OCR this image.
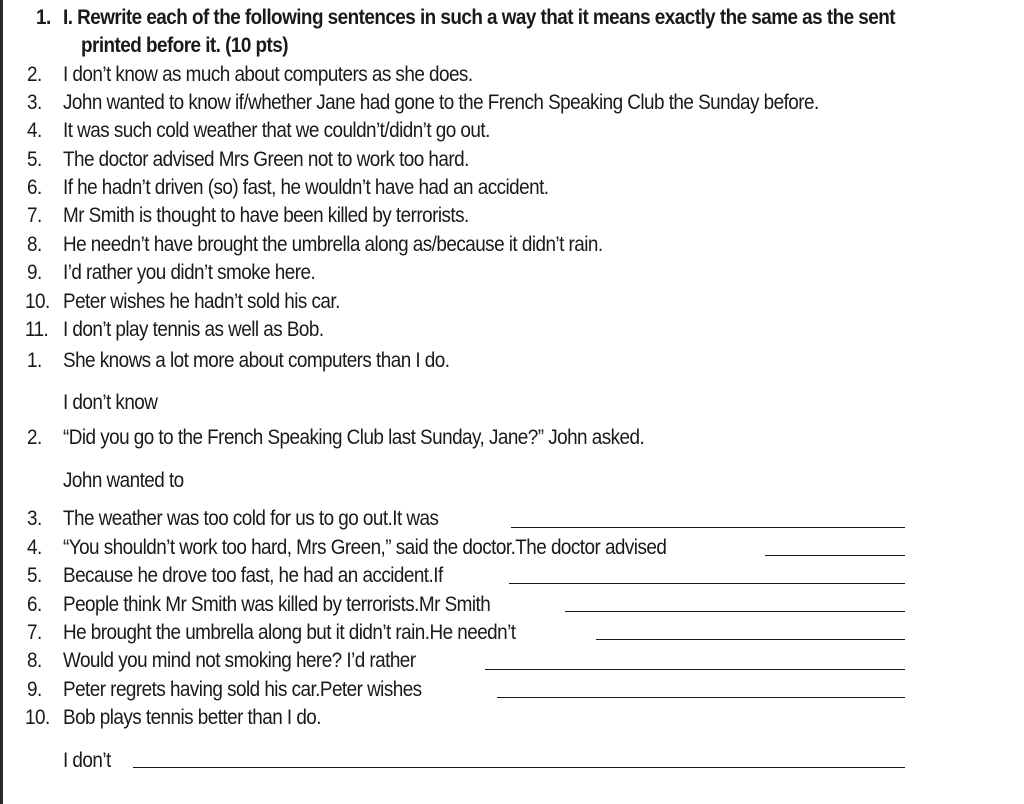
1. I. Rewrite each of the following sentences in such a way that it means exactly the same as the sent
printed before it. (10 pts)
2. I don’t know as much about computers as she does.
3. John wanted to know if/whether Jane had gone to the French Speaking Club the Sunday before.
4. It was such cold weather that we couldn’t/didn’t go out.
5. The doctor advised Mrs Green not to work too hard.
6. If he hadn’t driven (so) fast, he wouldn’t have had an accident.
7. Mr Smith is thought to have been killed by terrorists.
8. He needn’t have brought the umbrella along as/because it didn’t rain.
9. I’d rather you didn’t smoke here.
10. Peter wishes he hadn’t sold his car.
11. I don’t play tennis as well as Bob.
1. She knows a lot more about computers than I do.
I don’t know
2. “Did you go to the French Speaking Club last Sunday, Jane?” John asked.
John wanted to
3. The weather was too cold for us to go out.It was
4. “You shouldn’t work too hard, Mrs Green,” said the doctor.The doctor advised
5. Because he drove too fast, he had an accident.If
6. People think Mr Smith was killed by terrorists.Mr Smith
7. He brought the umbrella along but it didn’t rain.He needn’t
8. Would you mind not smoking here? I’d rather
9. Peter regrets having sold his car.Peter wishes
10. Bob plays tennis better than I do.
I don’t
